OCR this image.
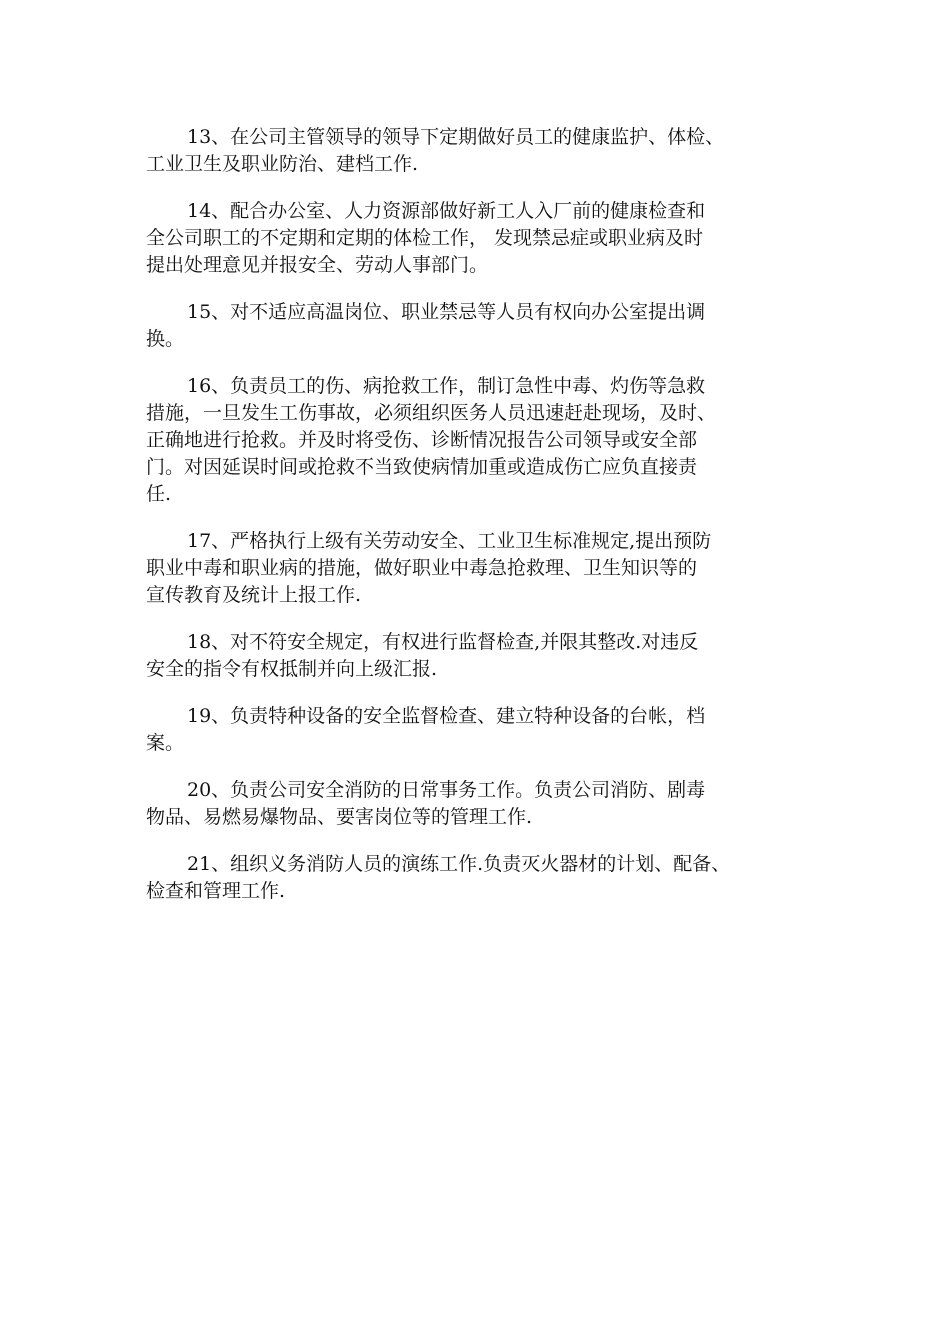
13、在公司主管领导的领导下定期做好员工的健康监护、体检、
工业卫生及职业防治、建档工作.

14、配合办公室、人力资源部做好新工人入厂前的健康检查和
全公司职工的不定期和定期的体检工作， 发现禁忌症或职业病及时
提出处理意见并报安全、劳动人事部门。

15、对不适应高温岗位、职业禁忌等人员有权向办公室提出调
换。

16、负责员工的伤、病抢救工作，制订急性中毒、灼伤等急救
措施，一旦发生工伤事故，必须组织医务人员迅速赶赴现场，及时、
正确地进行抢救。并及时将受伤、诊断情况报告公司领导或安全部
门。对因延误时间或抢救不当致使病情加重或造成伤亡应负直接责
任.

17、严格执行上级有关劳动安全、工业卫生标准规定,提出预防
职业中毒和职业病的措施，做好职业中毒急抢救理、卫生知识等的
宣传教育及统计上报工作.

18、对不符安全规定，有权进行监督检查,并限其整改.对违反
安全的指令有权抵制并向上级汇报.

19、负责特种设备的安全监督检查、建立特种设备的台帐，档
案。

20、负责公司安全消防的日常事务工作。负责公司消防、剧毒
物品、易燃易爆物品、要害岗位等的管理工作.

21、组织义务消防人员的演练工作.负责灭火器材的计划、配备、
检查和管理工作.
